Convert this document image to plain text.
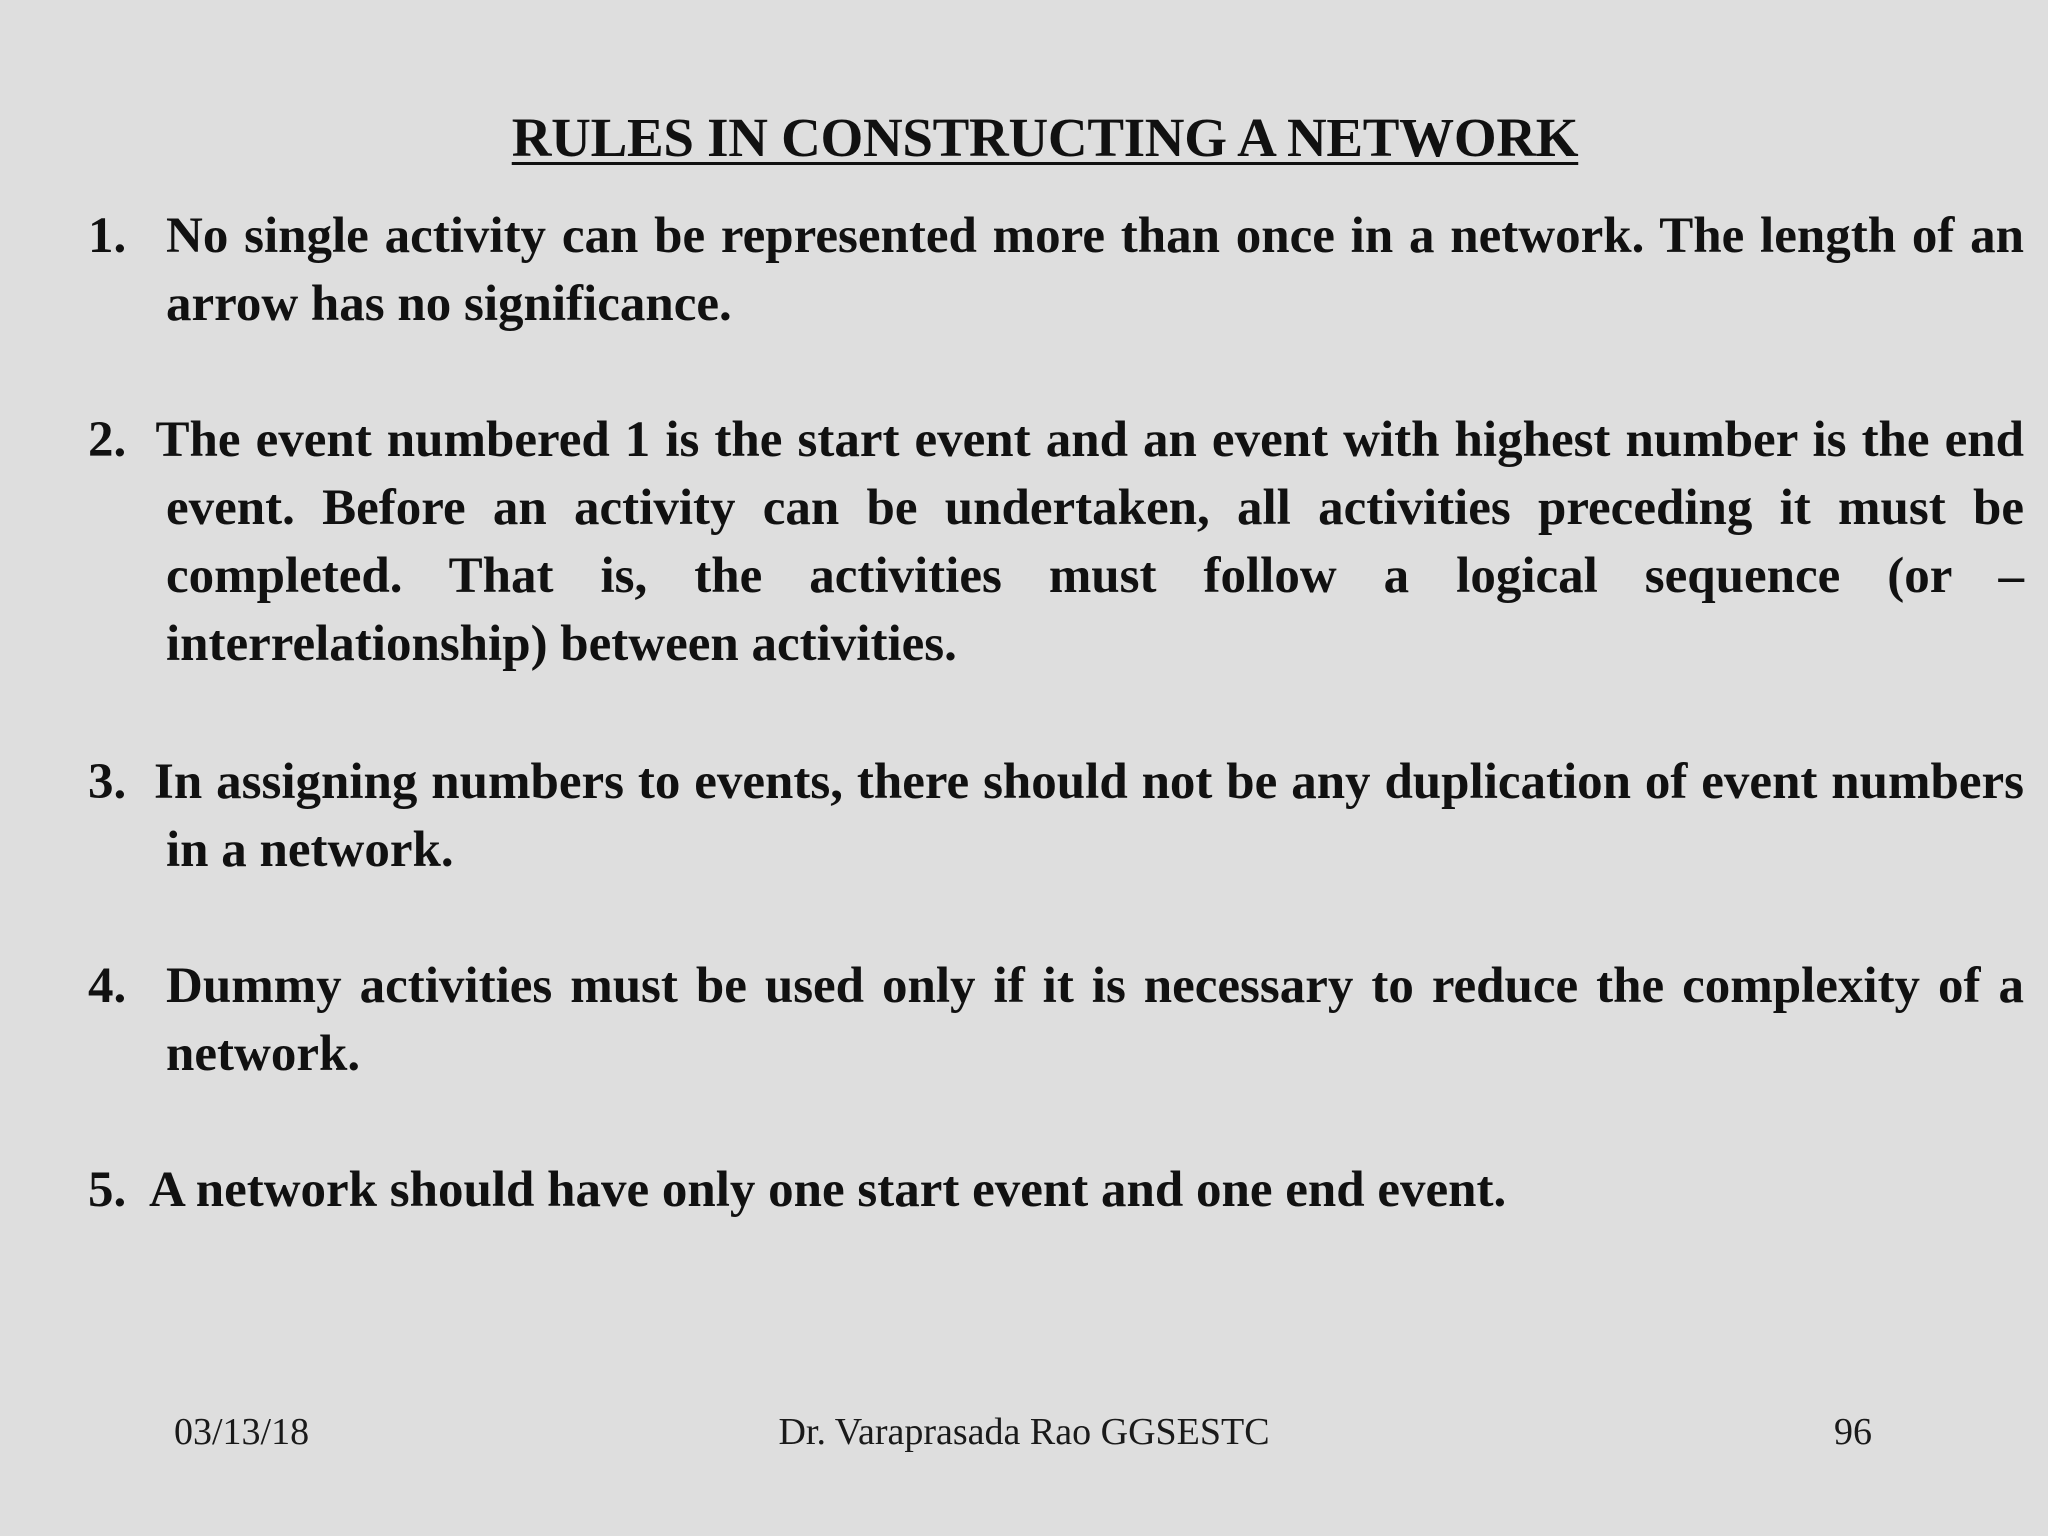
RULES IN CONSTRUCTING A NETWORK
1. No single activity can be represented more than once in a network. The length of an arrow has no significance.
2.  The event numbered 1 is the start event and an event with highest number is the end event. Before an activity can be undertaken, all activities preceding it must be completed. That is, the activities must follow a logical sequence (or – interrelationship) between activities.
3.  In assigning numbers to events, there should not be any duplication of event numbers in a network.
4. Dummy activities must be used only if it is necessary to reduce the complexity of a network.
5.  A network should have only one start event and one end event.
03/13/18	Dr. Varaprasada Rao GGSESTC	96
